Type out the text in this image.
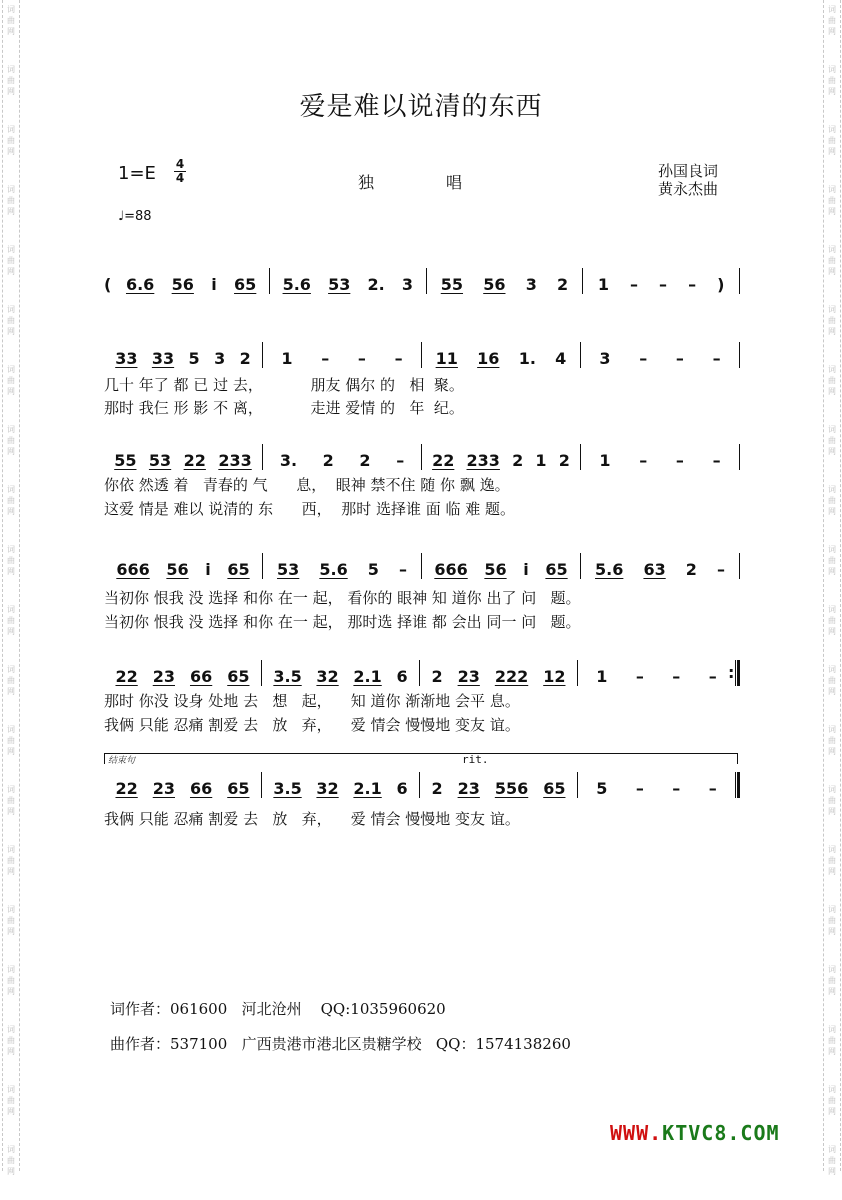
词
曲
网
词
曲
网
词
曲
网
词
曲
网
词
曲
网
词
曲
网
词
曲
网
词
曲
网
词
曲
网
词
曲
网
词
曲
网
词
曲
网
词
曲
网
词
曲
网
词
曲
网
词
曲
网
词
曲
网
词
曲
网
词
曲
网
词
曲
网
词
曲
网
词
曲
网
词
曲
网
词
曲
网
词
曲
网
词
曲
网
词
曲
网
词
曲
网
词
曲
网
词
曲
网
词
曲
网
词
曲
网
词
曲
网
词
曲
网
词
曲
网
词
曲
网
词
曲
网
词
曲
网
词
曲
网
词
曲
网
爱是难以说清的东西
1=E 4
4	独唱
孙国良词
黄永杰曲
♩=88
( 6.6 56 i 65 5.6 53 2. 3 55 56 3 2 1 – – – )
33 33 5 3 2 1 – – – 11 16 1. 4 3 – – –
几十 年了 都 已 过 去，          朋友 偶尔 的   相  聚。
那时 我仨 形 影 不 离，          走进 爱情 的   年  纪。
55 53 22 233 3. 2 2 – 22 233 2 1 2 1 – – –
你依 然透 着   青春的 气      息，  眼神 禁不住 随 你 飘 逸。
这爱 情是 难以 说清的 东      西，  那时 选择谁 面 临 难 题。
666 56 i 65 53 5.6 5 – 666 56 i 65 5.6 63 2 –
当初你 恨我 没 选择 和你 在一 起， 看你的 眼神 知 道你 出了 问   题。
当初你 恨我 没 选择 和你 在一 起， 那时选 择谁 都 会出 同一 问   题。
22 23 66 65 3.5 32 2.1 6 2 23 222 12 1 – – –
:
那时 你没 设身 处地 去   想   起，    知 道你 渐渐地 会平 息。
我俩 只能 忍痛 割爱 去   放   弃，    爱 情会 慢慢地 变友 谊。
结束句	rit.
22 23 66 65 3.5 32 2.1 6 2 23 556 65 5 – – –
我俩 只能 忍痛 割爱 去   放   弃，    爱 情会 慢慢地 变友 谊。
词作者：061600   河北沧州    QQ:1035960620
曲作者：537100   广西贵港市港北区贵糖学校   QQ：1574138260
WWW.KTVC8.COM
